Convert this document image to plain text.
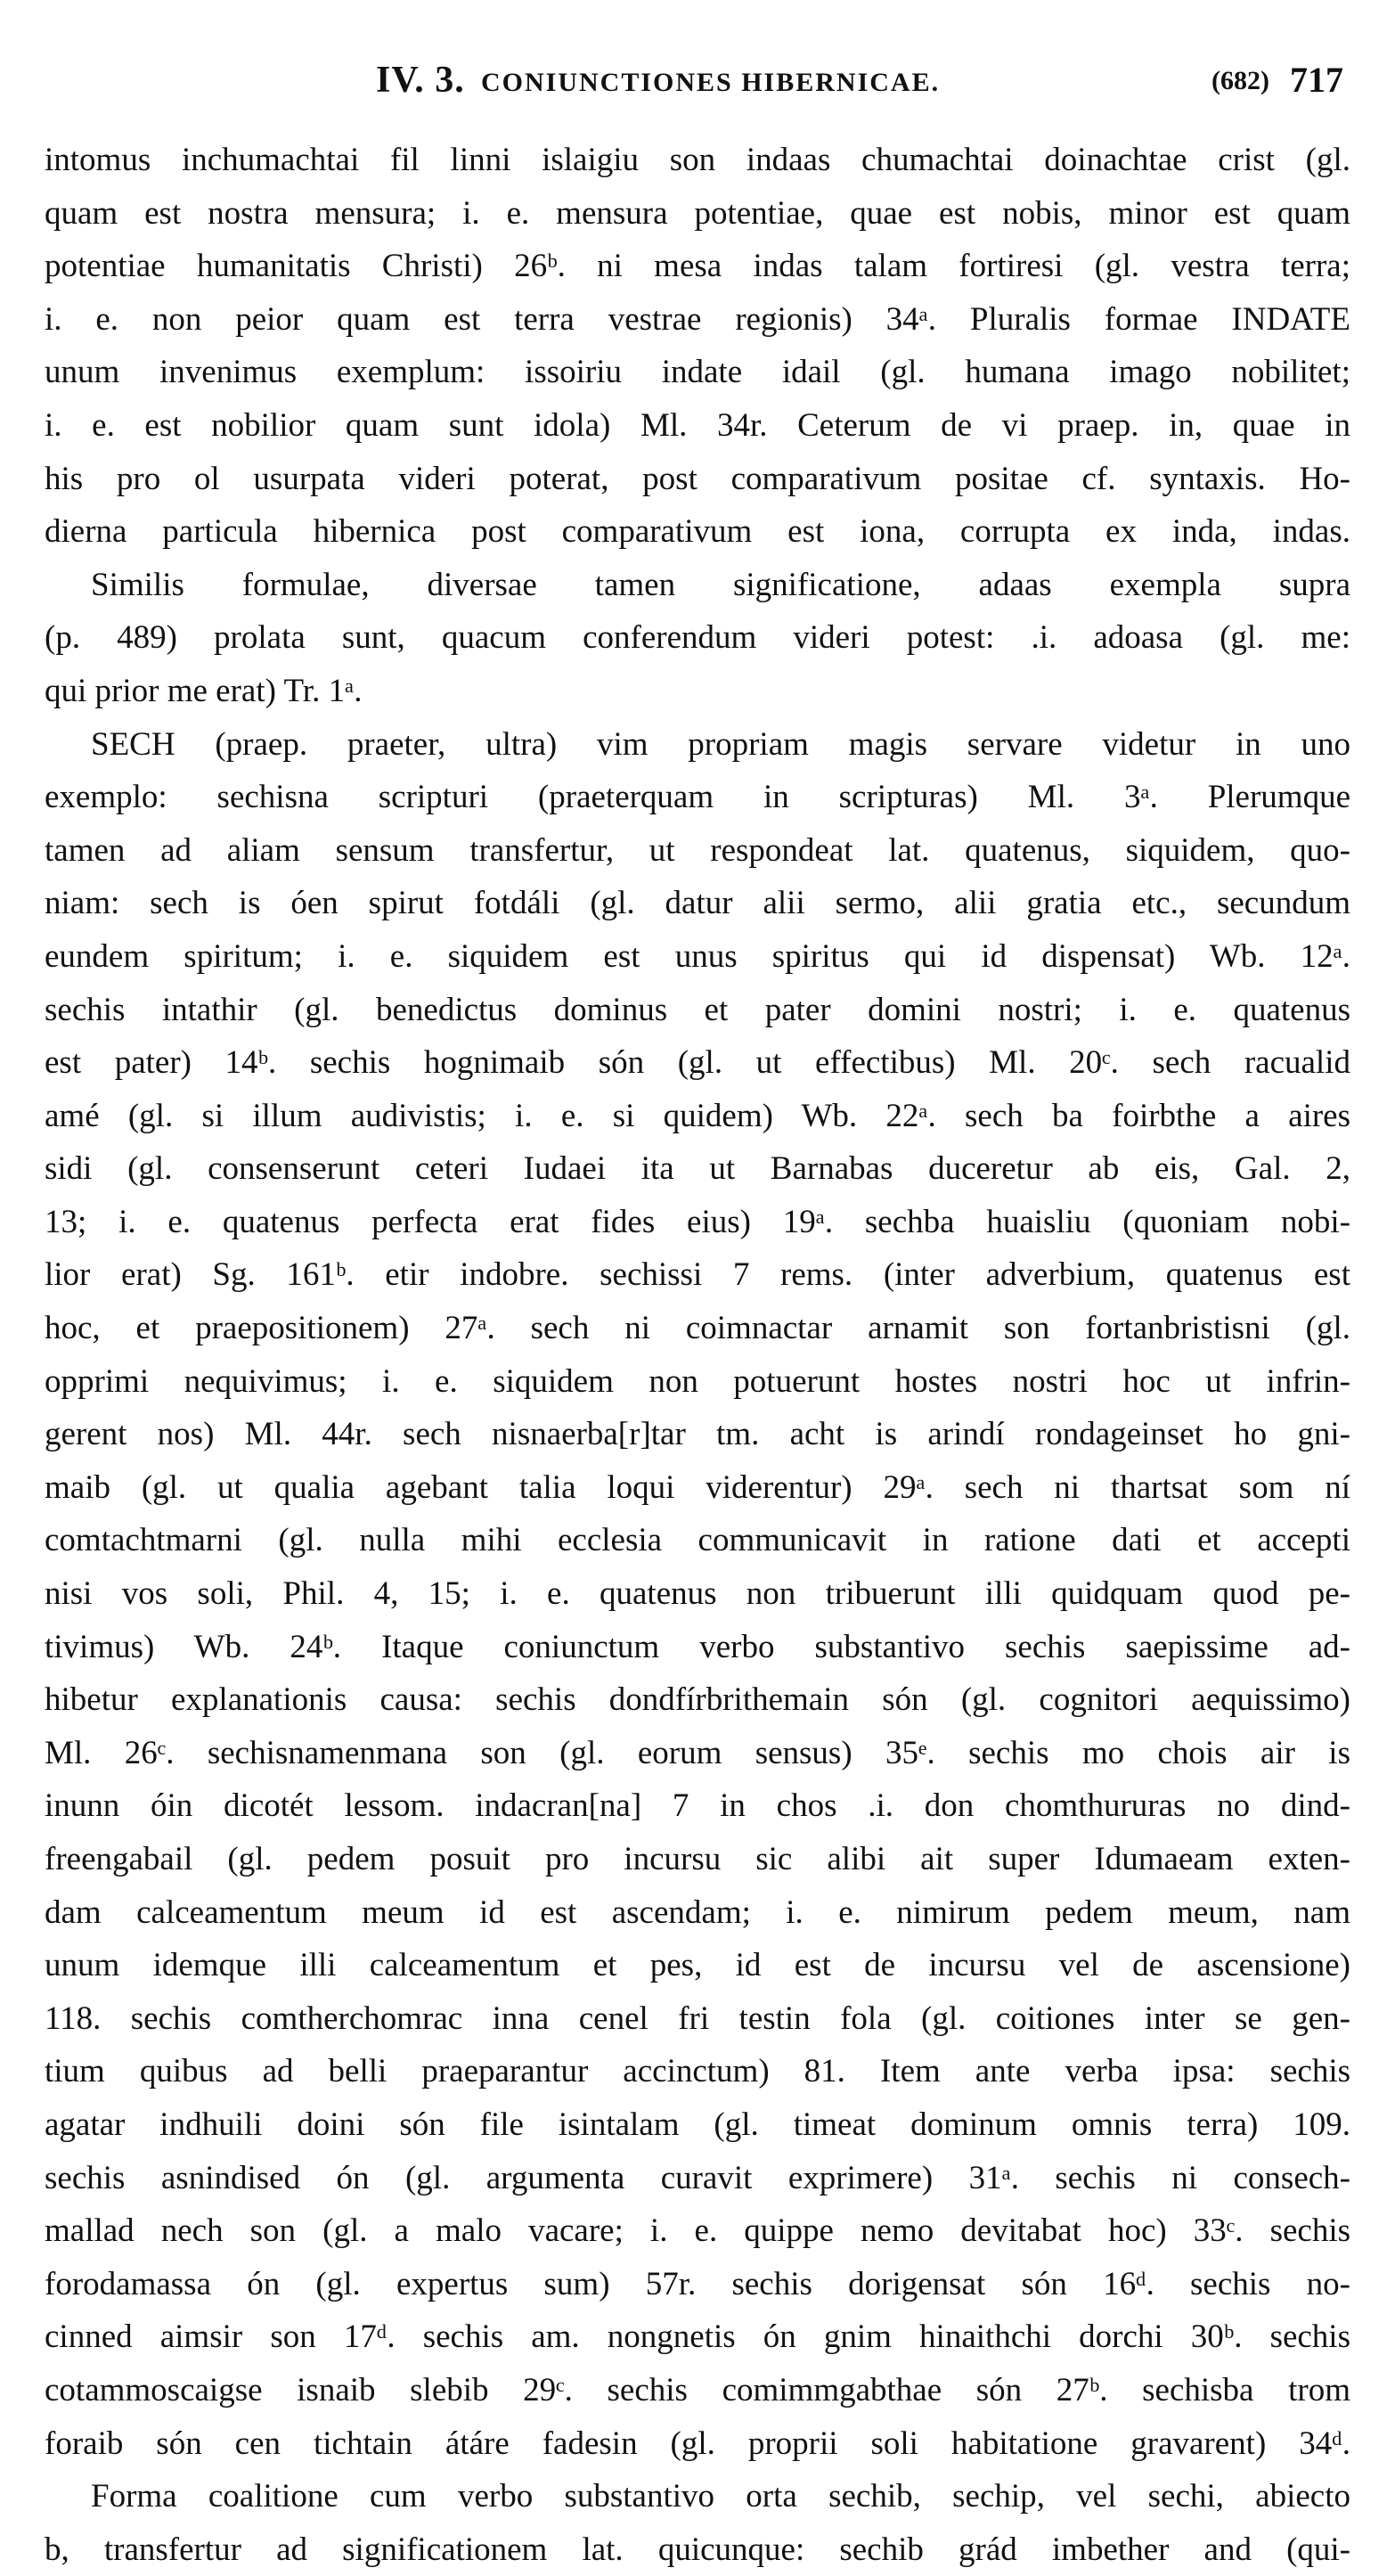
IV. 3. CONIUNCTIONES HIBERNICAE.	(682) 717
intomus inchumachtai fil linni islaigiu son indaas chumachtai doinachtae crist (gl.
quam est nostra mensura; i. e. mensura potentiae, quae est nobis, minor est quam
potentiae humanitatis Christi) 26ᵇ. ni mesa indas talam fortiresi (gl. vestra terra;
i. e. non peior quam est terra vestrae regionis) 34ᵃ. Pluralis formae INDATE
unum invenimus exemplum: issoiriu indate idail (gl. humana imago nobilitet;
i. e. est nobilior quam sunt idola) Ml. 34r. Ceterum de vi praep. in, quae in
his pro ol usurpata videri poterat, post comparativum positae cf. syntaxis. Ho-
dierna particula hibernica post comparativum est iona, corrupta ex inda, indas.
Similis formulae, diversae tamen significatione, adaas exempla supra
(p. 489) prolata sunt, quacum conferendum videri potest: .i. adoasa (gl. me:
qui prior me erat) Tr. 1ᵃ.
SECH (praep. praeter, ultra) vim propriam magis servare videtur in uno
exemplo: sechisna scripturi (praeterquam in scripturas) Ml. 3ᵃ. Plerumque
tamen ad aliam sensum transfertur, ut respondeat lat. quatenus, siquidem, quo-
niam: sech is óen spirut fotdáli (gl. datur alii sermo, alii gratia etc., secundum
eundem spiritum; i. e. siquidem est unus spiritus qui id dispensat) Wb. 12ᵃ.
sechis intathir (gl. benedictus dominus et pater domini nostri; i. e. quatenus
est pater) 14ᵇ. sechis hognimaib són (gl. ut effectibus) Ml. 20ᶜ. sech racualid
amé (gl. si illum audivistis; i. e. si quidem) Wb. 22ᵃ. sech ba foirbthe a aires
sidi (gl. consenserunt ceteri Iudaei ita ut Barnabas duceretur ab eis, Gal. 2,
13; i. e. quatenus perfecta erat fides eius) 19ᵃ. sechba huaisliu (quoniam nobi-
lior erat) Sg. 161ᵇ. etir indobre. sechissi 7 rems. (inter adverbium, quatenus est
hoc, et praepositionem) 27ᵃ. sech ni coimnactar arnamit son fortanbristisni (gl.
opprimi nequivimus; i. e. siquidem non potuerunt hostes nostri hoc ut infrin-
gerent nos) Ml. 44r. sech nisnaerba[r]tar tm. acht is arindí rondageinset ho gni-
maib (gl. ut qualia agebant talia loqui viderentur) 29ᵃ. sech ni thartsat som ní
comtachtmarni (gl. nulla mihi ecclesia communicavit in ratione dati et accepti
nisi vos soli, Phil. 4, 15; i. e. quatenus non tribuerunt illi quidquam quod pe-
tivimus) Wb. 24ᵇ. Itaque coniunctum verbo substantivo sechis saepissime ad-
hibetur explanationis causa: sechis dondfírbrithemain són (gl. cognitori aequissimo)
Ml. 26ᶜ. sechisnamenmana son (gl. eorum sensus) 35ᵉ. sechis mo chois air is
inunn óin dicotét lessom. indacran[na] 7 in chos .i. don chomthururas no dind-
freengabail (gl. pedem posuit pro incursu sic alibi ait super Idumaeam exten-
dam calceamentum meum id est ascendam; i. e. nimirum pedem meum, nam
unum idemque illi calceamentum et pes, id est de incursu vel de ascensione)
118. sechis comtherchomrac inna cenel fri testin fola (gl. coitiones inter se gen-
tium quibus ad belli praeparantur accinctum) 81. Item ante verba ipsa: sechis
agatar indhuili doini són file isintalam (gl. timeat dominum omnis terra) 109.
sechis asnindised ón (gl. argumenta curavit exprimere) 31ᵃ. sechis ni consech-
mallad nech son (gl. a malo vacare; i. e. quippe nemo devitabat hoc) 33ᶜ. sechis
forodamassa ón (gl. expertus sum) 57r. sechis dorigensat són 16ᵈ. sechis no-
cinned aimsir son 17ᵈ. sechis am. nongnetis ón gnim hinaithchi dorchi 30ᵇ. sechis
cotammoscaigse isnaib slebib 29ᶜ. sechis comimmgabthae són 27ᵇ. sechisba trom
foraib són cen tichtain átáre fadesin (gl. proprii soli habitatione gravarent) 34ᵈ.
Forma coalitione cum verbo substantivo orta sechib, sechip, vel sechi, abiecto
b, transfertur ad significationem lat. quicunque: sechib grád imbether and (qui-
